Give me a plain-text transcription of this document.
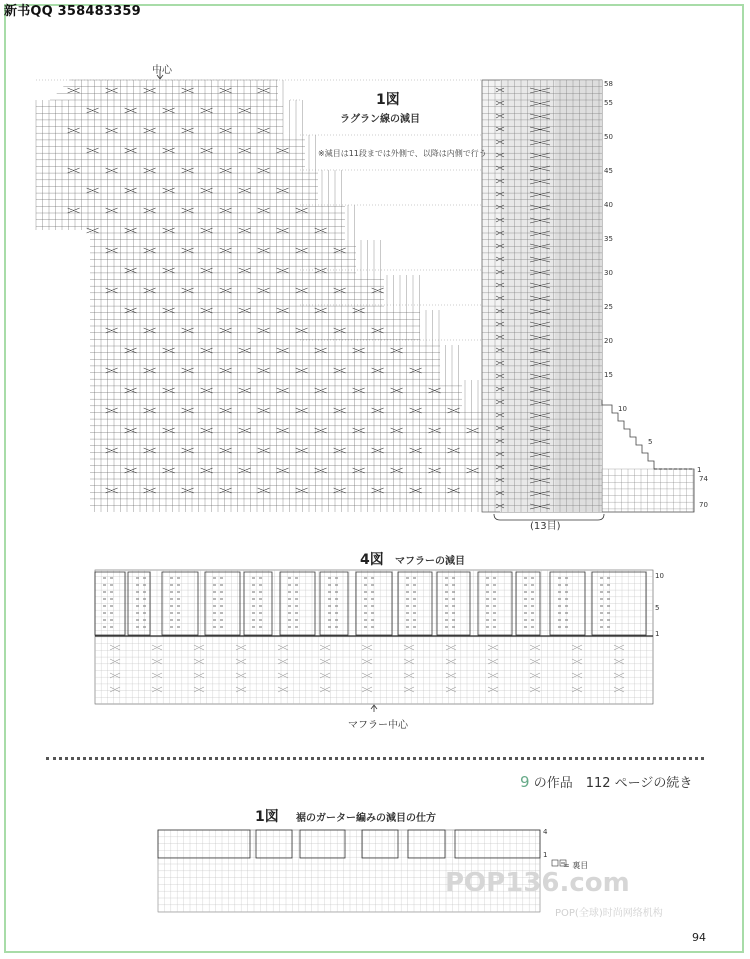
新书QQ 358483359
中心
1図
ラグラン線の減目
※減目は11段までは外側で、以降は内側で行う
(13目)
58
55
50
45
40
35
30
25
20
15
10
5
1
74
70
4図 マフラーの減目
マフラー中心
10
5
1
9 の作品　112 ページの続き
1図 裾のガーター編みの減目の仕方
4
1
= 裏目
POP136.com
POP(全球)时尚网络机构
94
